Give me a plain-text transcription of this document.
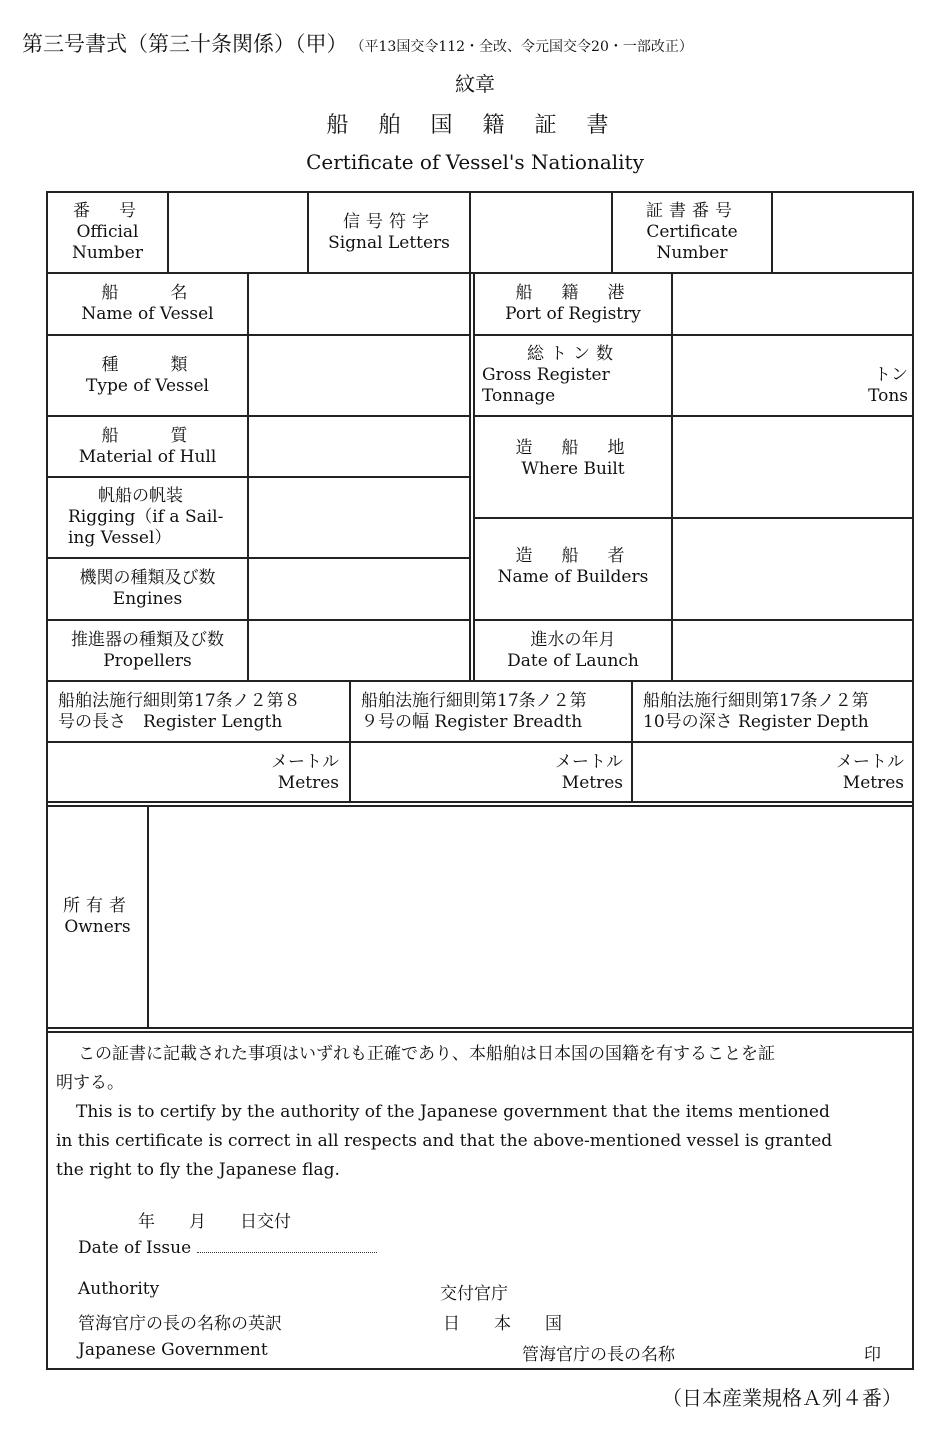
第三号書式（第三十条関係）（甲） （平13国交令112・全改、令元国交令20・一部改正）
紋章
船舶国籍証書
Certificate of Vessel's Nationality
番　号
Official
Number
信号符字
Signal Letters
証書番号
Certificate
Number
船　　名
Name of Vessel
種　　類
Type of Vessel
船　　質
Material of Hull
帆船の帆装
Rigging（if a Sail-
ing Vessel）
機関の種類及び数
Engines
推進器の種類及び数
Propellers
船　籍　港
Port of Registry
総トン数
Gross Register
Tonnage
トン
Tons
造　船　地
Where Built
造　船　者
Name of Builders
進水の年月
Date of Launch
船舶法施行細則第17条ノ２第８
号の長さ　Register Length
船舶法施行細則第17条ノ２第
９号の幅 Register Breadth
船舶法施行細則第17条ノ２第
10号の深さ Register Depth
メートル
Metres
メートル
Metres
メートル
Metres
所有者
Owners
この証書に記載された事項はいずれも正確であり、本船舶は日本国の国籍を有することを証
明する。
This is to certify by the authority of the Japanese government that the items mentioned
in this certificate is correct in all respects and that the above-mentioned vessel is granted
the right to fly the Japanese flag.
年　　月　　日交付
Date of Issue
Authority
管海官庁の長の名称の英訳
Japanese Government
交付官庁
日　　本　　国
管海官庁の長の名称	印
（日本産業規格Ａ列４番）
